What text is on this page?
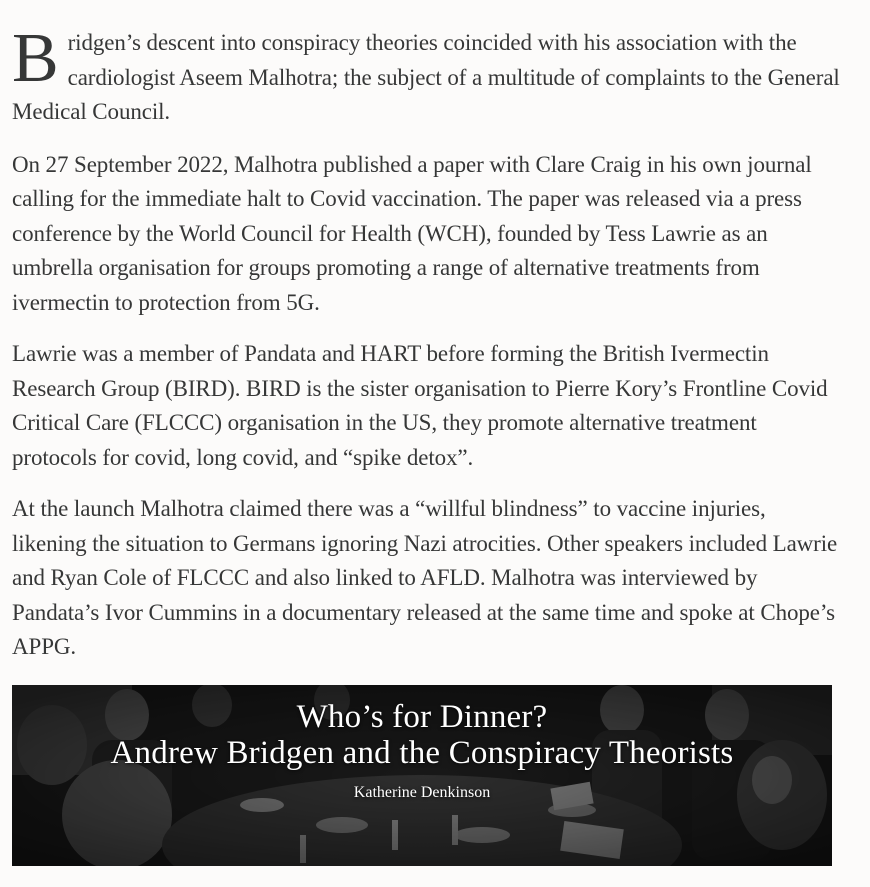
Bridgen’s descent into conspiracy theories coincided with his association with the cardiologist Aseem Malhotra; the subject of a multitude of complaints to the General Medical Council.

On 27 September 2022, Malhotra published a paper with Clare Craig in his own journal calling for the immediate halt to Covid vaccination. The paper was released via a press conference by the World Council for Health (WCH), founded by Tess Lawrie as an umbrella organisation for groups promoting a range of alternative treatments from ivermectin to protection from 5G.

Lawrie was a member of Pandata and HART before forming the British Ivermectin Research Group (BIRD). BIRD is the sister organisation to Pierre Kory’s Frontline Covid Critical Care (FLCCC) organisation in the US, they promote alternative treatment protocols for covid, long covid, and “spike detox”.

At the launch Malhotra claimed there was a “willful blindness” to vaccine injuries, likening the situation to Germans ignoring Nazi atrocities. Other speakers included Lawrie and Ryan Cole of FLCCC and also linked to AFLD. Malhotra was interviewed by Pandata’s Ivor Cummins in a documentary released at the same time and spoke at Chope’s APPG.

Who’s for Dinner?
Andrew Bridgen and the Conspiracy Theorists
Katherine Denkinson
